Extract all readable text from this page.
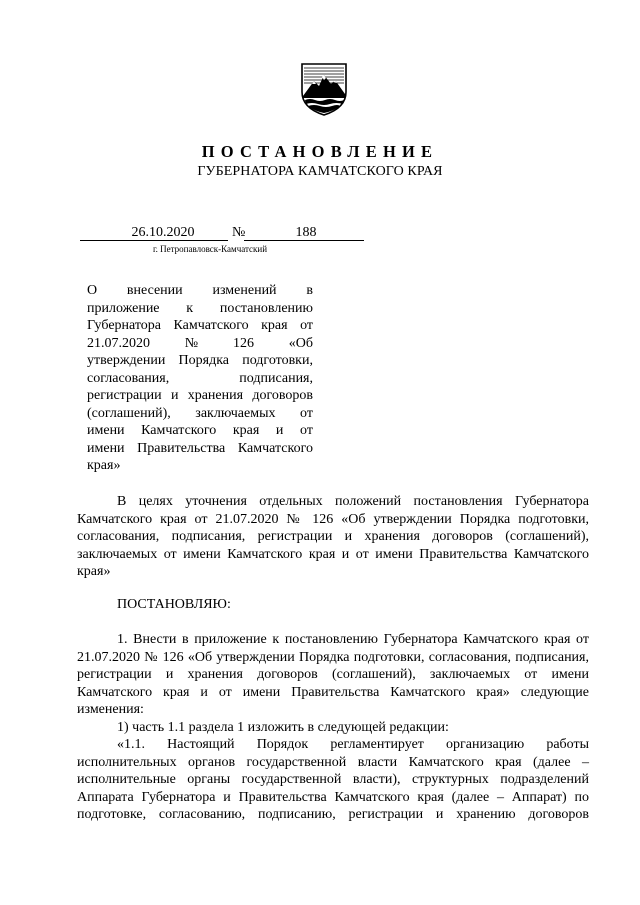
ПОСТАНОВЛЕНИЕ
ГУБЕРНАТОРА КАМЧАТСКОГО КРАЯ
26.10.2020	№	188
г. Петропавловск-Камчатский
О внесении изменений в
приложение к постановлению
Губернатора Камчатского края от
21.07.2020 № 126 «Об
утверждении Порядка подготовки,
согласования,	подписания,
регистрации и хранения договоров
(соглашений), заключаемых от
имени Камчатского края и от
имени Правительства Камчатского
края»
В целях уточнения отдельных положений постановления Губернатора Камчатского края от 21.07.2020 № 126 «Об утверждении Порядка подготовки, согласования, подписания, регистрации и хранения договоров (соглашений), заключаемых от имени Камчатского края и от имени Правительства Камчатского края»
ПОСТАНОВЛЯЮ:
1. Внести в приложение к постановлению Губернатора Камчатского края от 21.07.2020 № 126 «Об утверждении Порядка подготовки, согласования, подписания, регистрации и хранения договоров (соглашений), заключаемых от имени Камчатского края и от имени Правительства Камчатского края» следующие изменения:
1) часть 1.1 раздела 1 изложить в следующей редакции:
«1.1. Настоящий Порядок регламентирует организацию работы исполнительных органов государственной власти Камчатского края (далее – исполнительные органы государственной власти), структурных подразделений Аппарата Губернатора и Правительства Камчатского края (далее – Аппарат) по подготовке, согласованию, подписанию, регистрации и хранению договоров
